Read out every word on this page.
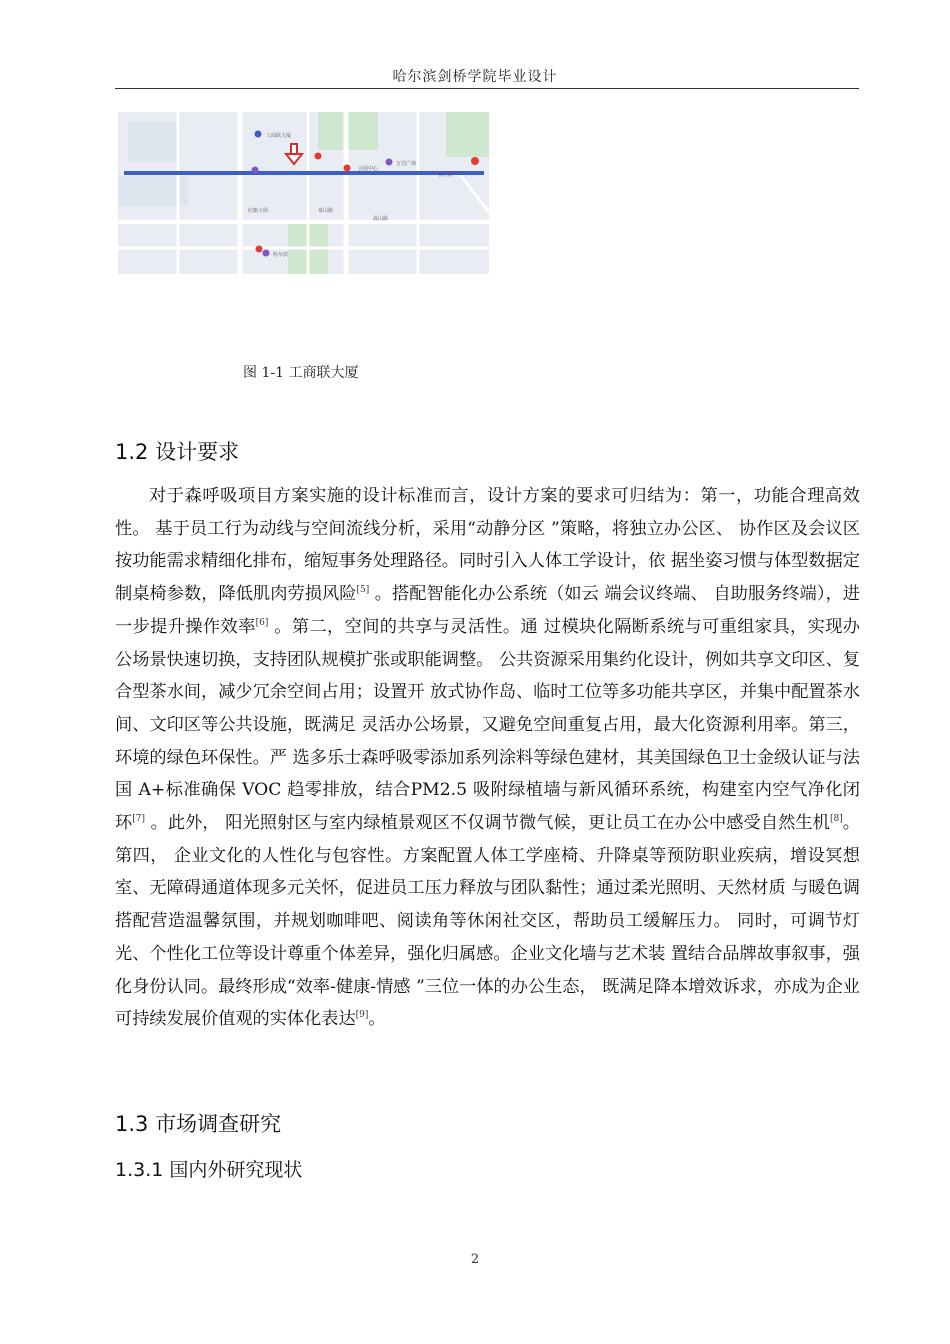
哈尔滨剑桥学院毕业设计
工商联大厦
会展中心
万达广场
长江路
嵩山路
哈尔滨
红旗大街	泰山路
图 1-1 工商联大厦
1.2 设计要求

对于森呼吸项目方案实施的设计标准而言，设计方案的要求可归结为：第一，功能合理高效性。 基于员工行为动线与空间流线分析，采用“动静分区 ”策略，将独立办公区、 协作区及会议区按功能需求精细化排布，缩短事务处理路径。同时引入人体工学设计，依 据坐姿习惯与体型数据定制桌椅参数，降低肌肉劳损风险[5] 。搭配智能化办公系统（如云 端会议终端、 自助服务终端），进一步提升操作效率[6] 。第二，空间的共享与灵活性。通 过模块化隔断系统与可重组家具，实现办公场景快速切换，支持团队规模扩张或职能调整。 公共资源采用集约化设计，例如共享文印区、复合型茶水间，减少冗余空间占用；设置开 放式协作岛、临时工位等多功能共享区，并集中配置茶水间、文印区等公共设施，既满足 灵活办公场景，又避免空间重复占用，最大化资源利用率。第三，环境的绿色环保性。严 选多乐士森呼吸零添加系列涂料等绿色建材，其美国绿色卫士金级认证与法国 A+标准确保 VOC 趋零排放，结合PM2.5 吸附绿植墙与新风循环系统，构建室内空气净化闭环[7] 。此外， 阳光照射区与室内绿植景观区不仅调节微气候，更让员工在办公中感受自然生机[8]。第四， 企业文化的人性化与包容性。方案配置人体工学座椅、升降桌等预防职业疾病，增设冥想 室、无障碍通道体现多元关怀，促进员工压力释放与团队黏性；通过柔光照明、天然材质 与暖色调搭配营造温馨氛围，并规划咖啡吧、阅读角等休闲社交区，帮助员工缓解压力。 同时，可调节灯光、个性化工位等设计尊重个体差异，强化归属感。企业文化墙与艺术装 置结合品牌故事叙事，强化身份认同。最终形成“效率-健康-情感 ”三位一体的办公生态， 既满足降本增效诉求，亦成为企业可持续发展价值观的实体化表达[9]。

1.3 市场调查研究
1.3.1 国内外研究现状
2
